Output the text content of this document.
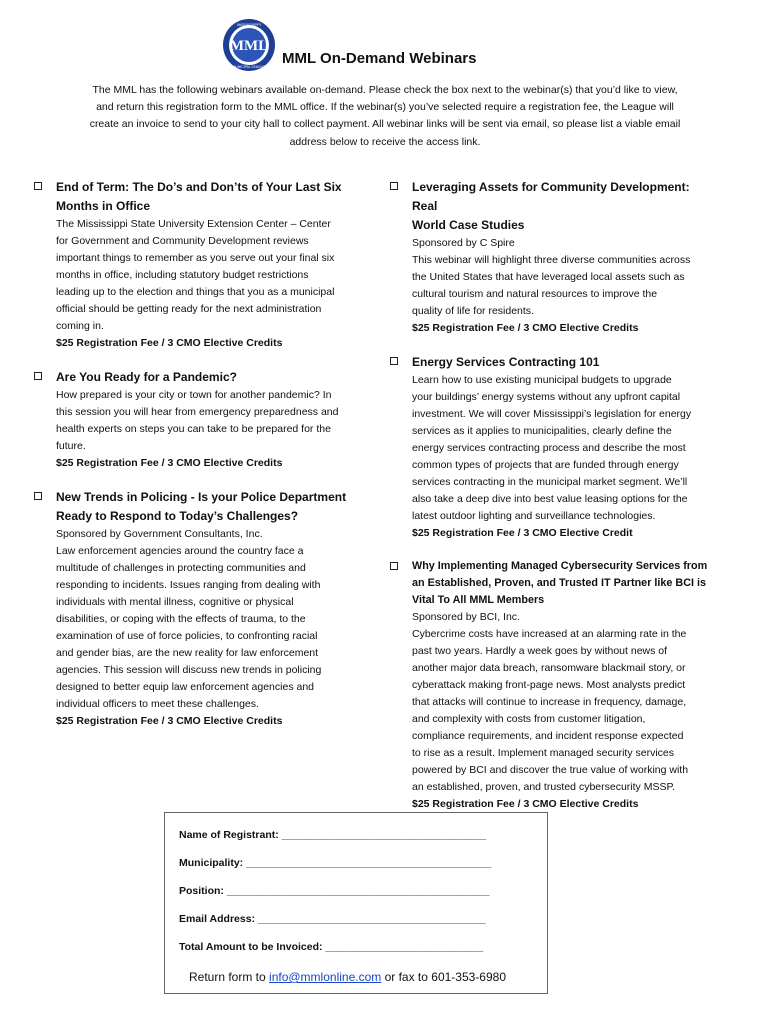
MML
MISSISSIPPI
MUNICIPAL LEAGUE MML On-Demand Webinars
The MML has the following webinars available on-demand. Please check the box next to the webinar(s) that you’d like to view,
and return this registration form to the MML office. If the webinar(s) you’ve selected require a registration fee, the League will
create an invoice to send to your city hall to collect payment. All webinar links will be sent via email, so please list a viable email
address below to receive the access link.

End of Term: The Do’s and Don’ts of Your Last Six

Months in Office

The Mississippi State University Extension Center – Center

for Government and Community Development reviews

important things to remember as you serve out your final six

months in office, including statutory budget restrictions

leading up to the election and things that you as a municipal

official should be getting ready for the next administration

coming in.

$25 Registration Fee / 3 CMO Elective Credits

Are You Ready for a Pandemic?

How prepared is your city or town for another pandemic? In

this session you will hear from emergency preparedness and

health experts on steps you can take to be prepared for the

future.

$25 Registration Fee / 3 CMO Elective Credits

New Trends in Policing - Is your Police Department

Ready to Respond to Today’s Challenges?

Sponsored by Government Consultants, Inc.

Law enforcement agencies around the country face a

multitude of challenges in protecting communities and

responding to incidents. Issues ranging from dealing with

individuals with mental illness, cognitive or physical

disabilities, or coping with the effects of trauma, to the

examination of use of force policies, to confronting racial

and gender bias, are the new reality for law enforcement

agencies. This session will discuss new trends in policing

designed to better equip law enforcement agencies and

individual officers to meet these challenges.

$25 Registration Fee / 3 CMO Elective Credits

Leveraging Assets for Community Development: Real

World Case Studies

Sponsored by C Spire

This webinar will highlight three diverse communities across

the United States that have leveraged local assets such as

cultural tourism and natural resources to improve the

quality of life for residents.

$25 Registration Fee / 3 CMO Elective Credits

Energy Services Contracting 101

Learn how to use existing municipal budgets to upgrade

your buildings’ energy systems without any upfront capital

investment. We will cover Mississippi’s legislation for energy

services as it applies to municipalities, clearly define the

energy services contracting process and describe the most

common types of projects that are funded through energy

services contracting in the municipal market segment. We’ll

also take a deep dive into best value leasing options for the

latest outdoor lighting and surveillance technologies.

$25 Registration Fee / 3 CMO Elective Credit

Why Implementing Managed Cybersecurity Services from

an Established, Proven, and Trusted IT Partner like BCI is

Vital To All MML Members

Sponsored by BCI, Inc.

Cybercrime costs have increased at an alarming rate in the

past two years. Hardly a week goes by without news of

another major data breach, ransomware blackmail story, or

cyberattack making front-page news. Most analysts predict

that attacks will continue to increase in frequency, damage,

and complexity with costs from customer litigation,

compliance requirements, and incident response expected

to rise as a result. Implement managed security services

powered by BCI and discover the true value of working with

an established, proven, and trusted cybersecurity MSSP.

$25 Registration Fee / 3 CMO Elective Credits

Name of Registrant: ___________________________________
Municipality: __________________________________________
Position: _____________________________________________
Email Address: _______________________________________
Total Amount to be Invoiced: ___________________________
Return form to info@mmlonline.com or fax to 601-353-6980
